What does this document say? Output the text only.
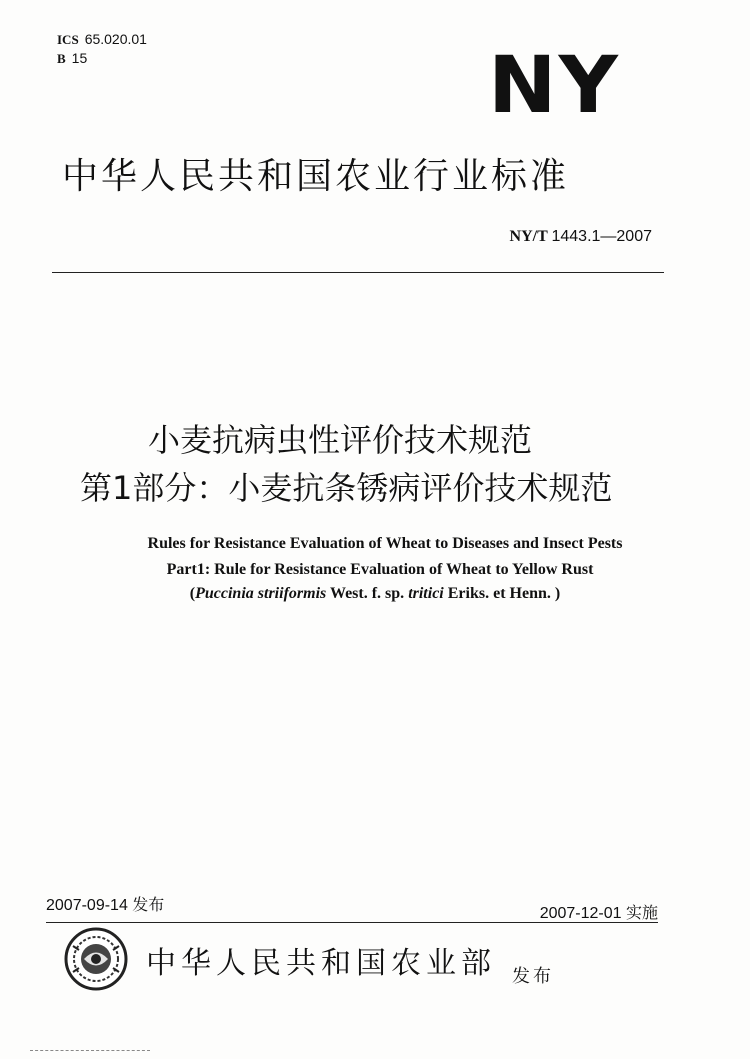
ICS 65.020.01
B 15	NY
中华人民共和国农业行业标准
NY/T 1443.1—2007
小麦抗病虫性评价技术规范
第1部分：小麦抗条锈病评价技术规范
Rules for Resistance Evaluation of Wheat to Diseases and Insect Pests
Part1: Rule for Resistance Evaluation of Wheat to Yellow Rust
(Puccinia striiformis West. f. sp. tritici Eriks. et Henn. )
2007-09-14 发布	2007-12-01 实施
中华人民共和国农业部 发布
